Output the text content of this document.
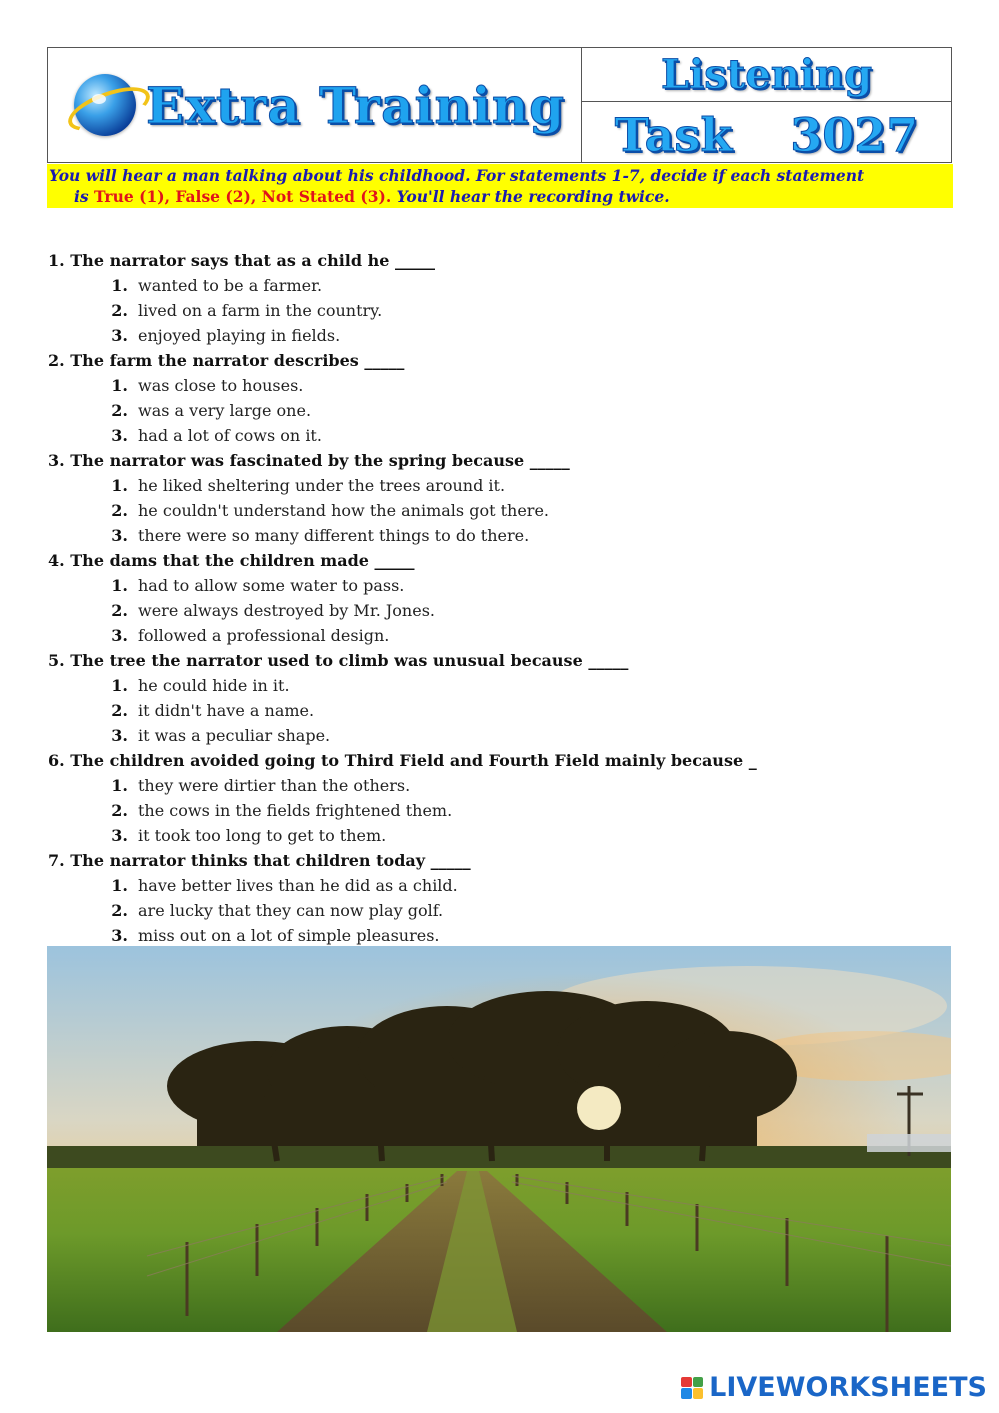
Extra Training
Listening
Task 3027
You will hear a man talking about his childhood. For statements 1-7, decide if each statement
is True (1), False (2), Not Stated (3). You'll hear the recording twice.
1. The narrator says that as a child he _____
1. wanted to be a farmer.
2. lived on a farm in the country.
3. enjoyed playing in fields.
2. The farm the narrator describes _____
1. was close to houses.
2. was a very large one.
3. had a lot of cows on it.
3. The narrator was fascinated by the spring because _____
1. he liked sheltering under the trees around it.
2. he couldn't understand how the animals got there.
3. there were so many different things to do there.
4. The dams that the children made _____
1. had to allow some water to pass.
2. were always destroyed by Mr. Jones.
3. followed a professional design.
5. The tree the narrator used to climb was unusual because _____
1. he could hide in it.
2. it didn't have a name.
3. it was a peculiar shape.
6. The children avoided going to Third Field and Fourth Field mainly because _
1. they were dirtier than the others.
2. the cows in the fields frightened them.
3. it took too long to get to them.
7. The narrator thinks that children today _____
1. have better lives than he did as a child.
2. are lucky that they can now play golf.
3. miss out on a lot of simple pleasures.
LIVEWORKSHEETS
